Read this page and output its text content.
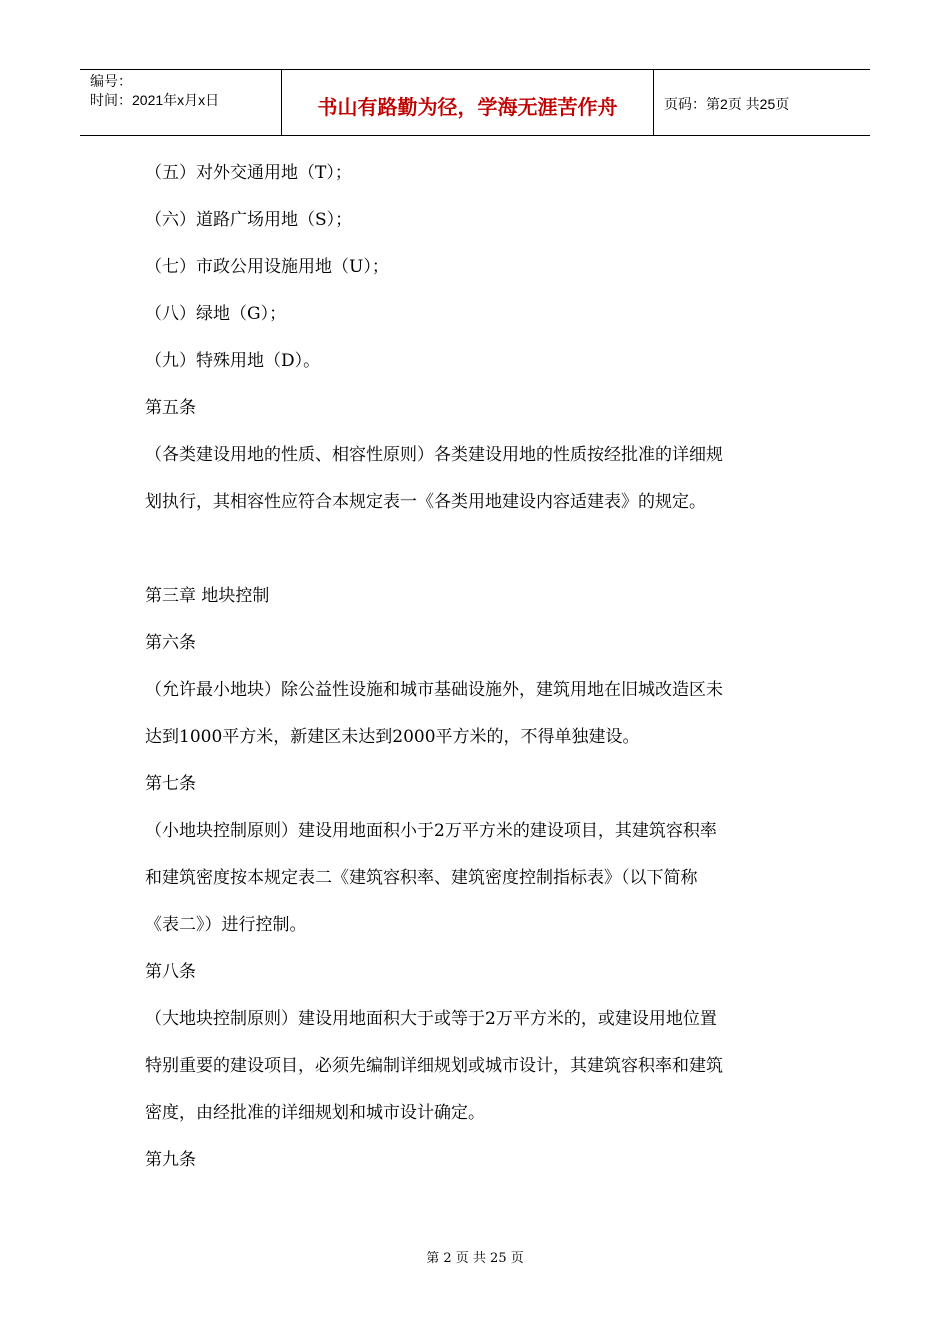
编号：
时间：2021年x月x日	书山有路勤为径，学海无涯苦作舟	页码：第2页 共25页
（五）对外交通用地（T）；
（六）道路广场用地（S）；
（七）市政公用设施用地（U）；
（八）绿地（G）；
（九）特殊用地（D）。
第五条
（各类建设用地的性质、相容性原则）各类建设用地的性质按经批准的详细规
划执行，其相容性应符合本规定表一《各类用地建设内容适建表》的规定。
第三章 地块控制
第六条
（允许最小地块）除公益性设施和城市基础设施外，建筑用地在旧城改造区未
达到1000平方米，新建区未达到2000平方米的，不得单独建设。
第七条
（小地块控制原则）建设用地面积小于2万平方米的建设项目，其建筑容积率
和建筑密度按本规定表二《建筑容积率、建筑密度控制指标表》（以下简称
《表二》）进行控制。
第八条
（大地块控制原则）建设用地面积大于或等于2万平方米的，或建设用地位置
特别重要的建设项目，必须先编制详细规划或城市设计，其建筑容积率和建筑
密度，由经批准的详细规划和城市设计确定。
第九条
第 2 页 共 25 页
